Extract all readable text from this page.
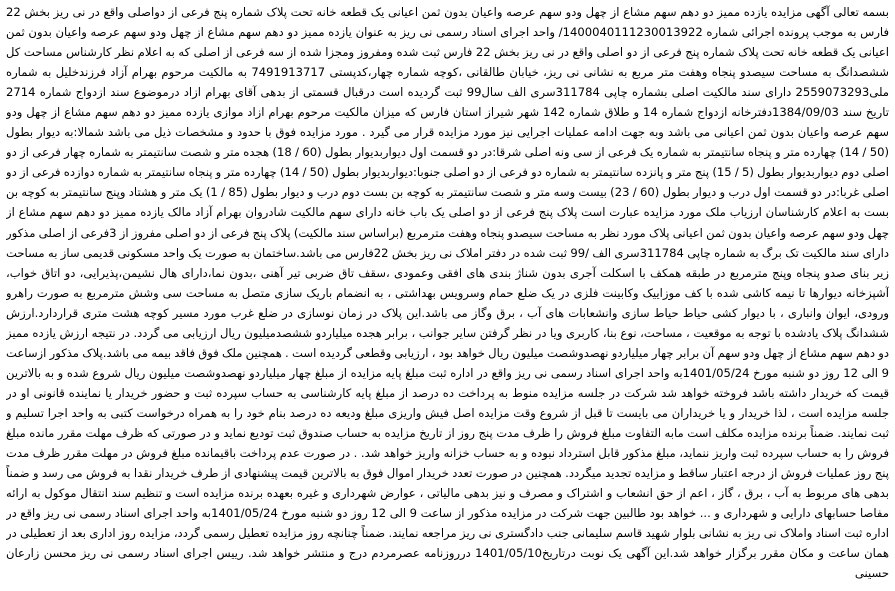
بسمه تعالی آگهی مزایده یازده ممیز دو دهم سهم مشاع از چهل ودو سهم عرصه واعیان بدون ثمن اعیانی یک قطعه خانه تحت پلاک شماره پنج فرعی از دواصلی واقع در نی ریز بخش 22 فارس به موجب پرونده اجرائی شماره 1400040111230013922/ واحد اجرای اسناد رسمی نی ریز به عنوان یازده ممیز دو دهم سهم مشاع از چهل ودو سهم عرصه واعیان بدون ثمن اعیانی یک قطعه خانه تحت پلاک شماره پنج فرعی از دو اصلی واقع در نی ریز بخش 22 فارس ثبت شده ومفروز ومجزا شده از سه فرعی از اصلی که به اعلام نظر کارشناس مساحت کل ششصدانگ به مساحت سیصدو پنجاه وهفت متر مربع به نشانی نی ریز، خیابان طالقانی ،کوچه شماره چهار،کدپستی 7491913717 به مالکیت مرحوم بهرام آزاد فرزندخلیل به شماره ملی2559073293 دارای سند مالکیت اصلی بشماره چاپی 311784سری الف سال99 ثبت گردیده است درقبال قسمتی از بدهی آقای بهرام ازاد درموضوع سند ازدواج شماره 2714 تاریخ سند 1384/09/03دفترخانه ازدواج شماره 14 و طلاق شماره 142 شهر شیراز استان فارس که میزان مالکیت مرحوم بهرام ازاد موازی یازده ممیز دو دهم سهم مشاع از چهل ودو سهم عرصه واعیان بدون ثمن اعیانی می باشد وبه جهت ادامه عملیات اجرایی نیز مورد مزایده قرار می گیرد . مورد مزایده فوق با حدود و مشخصات ذیل می باشد شمالا:به دیوار بطول (50 / 14) چهارده متر و پنجاه سانتیمتر به شماره یک فرعی از سی ونه اصلی شرقا:در دو قسمت اول دیواربدیوار بطول (60 / 18) هجده متر و شصت سانتیمتر به شماره چهار فرعی از دو اصلی دوم دیواربدیوار بطول (5 / 15) پنج متر و پانزده سانتیمتر به شماره دو فرعی از دو اصلی جنوبا:دیواربدیوار بطول (50 / 14) چهارده متر و پنجاه سانتیمتر به شماره دوازده فرعی از دو اصلی غربا:در دو قسمت اول درب و دیوار بطول (60 / 23) بیست وسه متر و شصت سانتیمتر به کوچه بن بست دوم درب و دیوار بطول (85 / 1) یک متر و هشتاد وپنج سانتیمتر به کوچه بن بست به اعلام کارشناسان ارزیاب ملک مورد مزایده عبارت است پلاک پنج فرعی از دو اصلی یک باب خانه دارای سهم مالکیت شادروان بهرام آزاد مالک یازده ممیز دو دهم سهم مشاع از چهل ودو سهم عرصه واعیان بدون ثمن اعیانی پلاک مورد نظر به مساحت سیصدو پنجاه وهفت مترمربع (براساس سند مالکیت) پلاک پنج فرعی از دو اصلی مفروز از 3فرعی از اصلی مذکور دارای سند مالکیت تک برگ به شماره چاپی 311784سری الف /99 ثبت شده در دفتر املاک نی ریز بخش 22فارس می باشد.ساختمان به صورت یک واحد مسکونی قدیمی ساز به مساحت زیر بنای صدو پنجاه وپنج مترمربع در طبقه همکف با اسکلت آجری بدون شناژ بندی های افقی وعمودی ،سقف تاق ضربی تیر آهنی ،بدون نما،دارای هال نشیمن،پذیرایی، دو اتاق خواب، آشپزخانه دیوارها تا نیمه کاشی شده با کف موزاییک وکابینت فلزی در یک ضلع حمام وسرویس بهداشتی ، به انضمام باریک سازی متصل به مساحت سی وشش مترمربع به صورت راهرو ورودی، ایوان وانباری ، با دیوار کشی حیاط حیاط سازی وانشعابات های آب ، برق وگاز می باشد.این پلاک در زمان نوسازی در ضلع غرب مورد مسیر کوچه هشت متری قراردارد.ارزش ششدانگ پلاک یادشده با توجه به موقعیت ، مساحت، نوع بنا، کاربری ویا در نظر گرفتن سایر جوانب ، برابر هجده میلیاردو ششصدمیلیون ریال ارزیابی می گردد. در نتیجه ارزش یازده ممیز دو دهم سهم مشاع از چهل ودو سهم آن برابر چهار میلیاردو نهصدوشصت میلیون ریال خواهد بود ، ارزیابی وقطعی گردیده است . همچنین ملک فوق فاقد بیمه می باشد.پلاک مذکور ازساعت 9 الی 12 روز دو شنبه مورخ 1401/05/24به واحد اجرای اسناد رسمی نی ریز واقع در اداره ثبت مبلغ پایه مزایده از مبلغ چهار میلیاردو نهصدوشصت میلیون ریال شروع شده و به بالاترین قیمت که خریدار داشته باشد فروخته خواهد شد شرکت در جلسه مزایده منوط به پرداخت ده درصد از مبلغ پایه کارشناسی به حساب سپرده ثبت و حضور خریدار یا نماینده قانونی او در جلسه مزایده است ، لذا خریدار و یا خریداران می بایست تا قبل از شروع وقت مزایده اصل فیش واریزی مبلغ ودیعه ده درصد بنام خود را به همراه درخواست کتبی به واحد اجرا تسلیم و ثبت نمایند. ضمناً برنده مزایده مکلف است مابه التفاوت مبلغ فروش را ظرف مدت پنج روز از تاریخ مزایده به حساب صندوق ثبت تودیع نماید و در صورتی که ظرف مهلت مقرر مانده مبلغ فروش را به حساب سپرده ثبت واریز ننماید، مبلغ مذکور قابل استرداد نبوده و به حساب خزانه واریز خواهد شد. . در صورت عدم پرداخت باقیمانده مبلغ فروش در مهلت مقرر ظرف مدت پنج روز عملیات فروش از درجه اعتبار ساقط و مزایده تجدید میگردد. همچنین در صورت تعدد خریدار اموال فوق به بالاترین قیمت پیشنهادی از طرف خریدار نقدا به فروش می رسد و ضمناً بدهی های مربوط به آب ، برق ، گاز ، اعم از حق انشعاب و اشتراک و مصرف و نیز بدهی مالیاتی ، عوارض شهرداری و غیره بعهده برنده مزایده است و تنظیم سند انتقال موکول به ارائه مفاصا حسابهای دارایی و شهرداری و ... خواهد بود طالبین جهت شرکت در مزایده مذکور از ساعت 9 الی 12 روز دو شنبه مورخ 1401/05/24به واحد اجرای اسناد رسمی نی ریز واقع در اداره ثبت اسناد واملاک نی ریز به نشانی بلوار شهید قاسم سلیمانی جنب دادگستری نی ریز مراجعه نمایند. ضمناً چنانچه روز مزایده تعطیل رسمی گردد، مزایده روز اداری بعد از تعطیلی در همان ساعت و مکان مقرر برگزار خواهد شد.این آگهی یک نوبت درتاریخ1401/05/10 درروزنامه عصرمردم درج و منتشر خواهد شد. رییس اجرای اسناد رسمی نی ریز محسن زارعان حسینی
